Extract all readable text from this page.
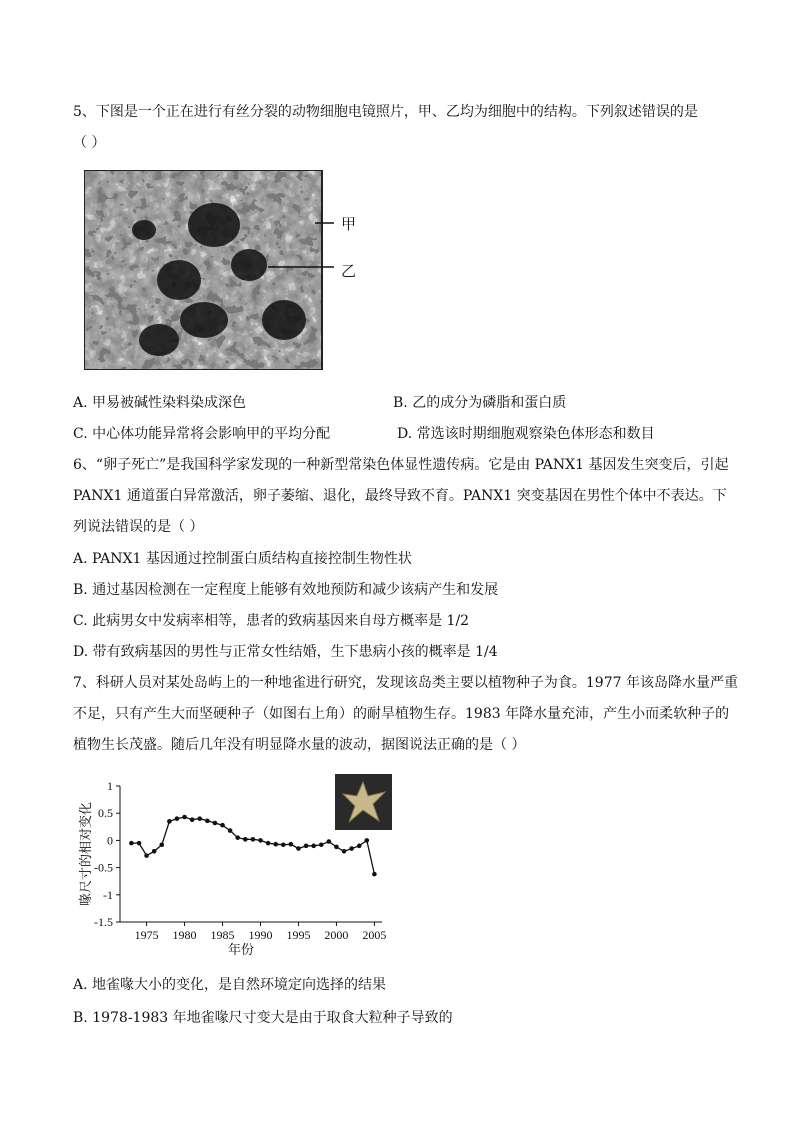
5、下图是一个正在进行有丝分裂的动物细胞电镜照片，甲、乙均为细胞中的结构。下列叙述错误的是
（ ）
甲
乙
A. 甲易被碱性染料染成深色	B. 乙的成分为磷脂和蛋白质
C. 中心体功能异常将会影响甲的平均分配	D. 常选该时期细胞观察染色体形态和数目
6、“卵子死亡”是我国科学家发现的一种新型常染色体显性遗传病。它是由 PANX1 基因发生突变后，引起
PANX1 通道蛋白异常激活，卵子萎缩、退化，最终导致不育。PANX1 突变基因在男性个体中不表达。下
列说法错误的是（ ）
A. PANX1 基因通过控制蛋白质结构直接控制生物性状
B. 通过基因检测在一定程度上能够有效地预防和减少该病产生和发展
C. 此病男女中发病率相等，患者的致病基因来自母方概率是 1/2
D. 带有致病基因的男性与正常女性结婚，生下患病小孩的概率是 1/4
7、科研人员对某处岛屿上的一种地雀进行研究，发现该岛类主要以植物种子为食。1977 年该岛降水量严重
不足，只有产生大而坚硬种子（如图右上角）的耐旱植物生存。1983 年降水量充沛，产生小而柔软种子的
植物生长茂盛。随后几年没有明显降水量的波动，据图说法正确的是（ ）
1
0.5
0
-0.5
-1
-1.5
1975 1980 1985 1990 1995 2000 2005
年份
喙尺寸的相对变化
A. 地雀喙大小的变化，是自然环境定向选择的结果
B. 1978-1983 年地雀喙尺寸变大是由于取食大粒种子导致的
